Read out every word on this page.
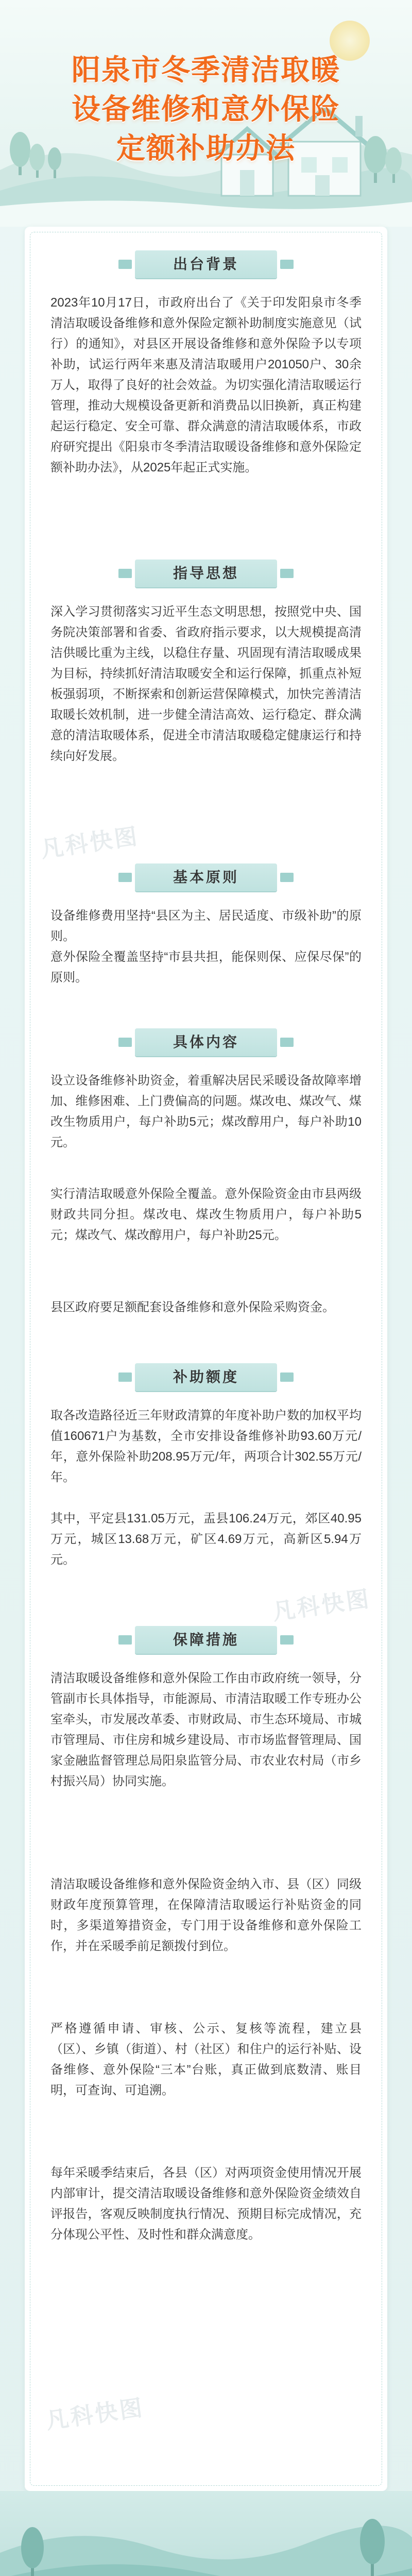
阳泉市冬季清洁取暖
设备维修和意外保险
定额补助办法
出台背景
2023年10月17日，市政府出台了《关于印发阳泉市冬季清洁取暖设备维修和意外保险定额补助制度实施意见（试行）的通知》，对县区开展设备维修和意外保险予以专项补助，试运行两年来惠及清洁取暖用户201050户、30余万人，取得了良好的社会效益。为切实强化清洁取暖运行管理，推动大规模设备更新和消费品以旧换新，真正构建起运行稳定、安全可靠、群众满意的清洁取暖体系，市政府研究提出《阳泉市冬季清洁取暖设备维修和意外保险定额补助办法》，从2025年起正式实施。
指导思想
深入学习贯彻落实习近平生态文明思想，按照党中央、国务院决策部署和省委、省政府指示要求，以大规模提高清洁供暖比重为主线，以稳住存量、巩固现有清洁取暖成果为目标，持续抓好清洁取暖安全和运行保障，抓重点补短板强弱项，不断探索和创新运营保障模式，加快完善清洁取暖长效机制，进一步健全清洁高效、运行稳定、群众满意的清洁取暖体系，促进全市清洁取暖稳定健康运行和持续向好发展。
凡科快图
基本原则
设备维修费用坚持“县区为主、居民适度、市级补助”的原则。
意外保险全覆盖坚持“市县共担，能保则保、应保尽保”的原则。
具体内容
设立设备维修补助资金，着重解决居民采暖设备故障率增加、维修困难、上门费偏高的问题。煤改电、煤改气、煤改生物质用户，每户补助5元；煤改醇用户，每户补助10元。
实行清洁取暖意外保险全覆盖。意外保险资金由市县两级财政共同分担。煤改电、煤改生物质用户，每户补助5元；煤改气、煤改醇用户，每户补助25元。
县区政府要足额配套设备维修和意外保险采购资金。
补助额度
取各改造路径近三年财政清算的年度补助户数的加权平均值160671户为基数，全市安排设备维修补助93.60万元/年，意外保险补助208.95万元/年，两项合计302.55万元/年。
其中，平定县131.05万元，盂县106.24万元，郊区40.95万元，城区13.68万元，矿区4.69万元，高新区5.94万元。
凡科快图
保障措施
清洁取暖设备维修和意外保险工作由市政府统一领导，分管副市长具体指导，市能源局、市清洁取暖工作专班办公室牵头，市发展改革委、市财政局、市生态环境局、市城市管理局、市住房和城乡建设局、市市场监督管理局、国家金融监督管理总局阳泉监管分局、市农业农村局（市乡村振兴局）协同实施。
清洁取暖设备维修和意外保险资金纳入市、县（区）同级财政年度预算管理，在保障清洁取暖运行补贴资金的同时，多渠道筹措资金，专门用于设备维修和意外保险工作，并在采暖季前足额拨付到位。
严格遵循申请、审核、公示、复核等流程，建立县（区）、乡镇（街道）、村（社区）和住户的运行补贴、设备维修、意外保险“三本”台账，真正做到底数清、账目明，可查询、可追溯。
每年采暖季结束后，各县（区）对两项资金使用情况开展内部审计，提交清洁取暖设备维修和意外保险资金绩效自评报告，客观反映制度执行情况、预期目标完成情况，充分体现公平性、及时性和群众满意度。
凡科快图
